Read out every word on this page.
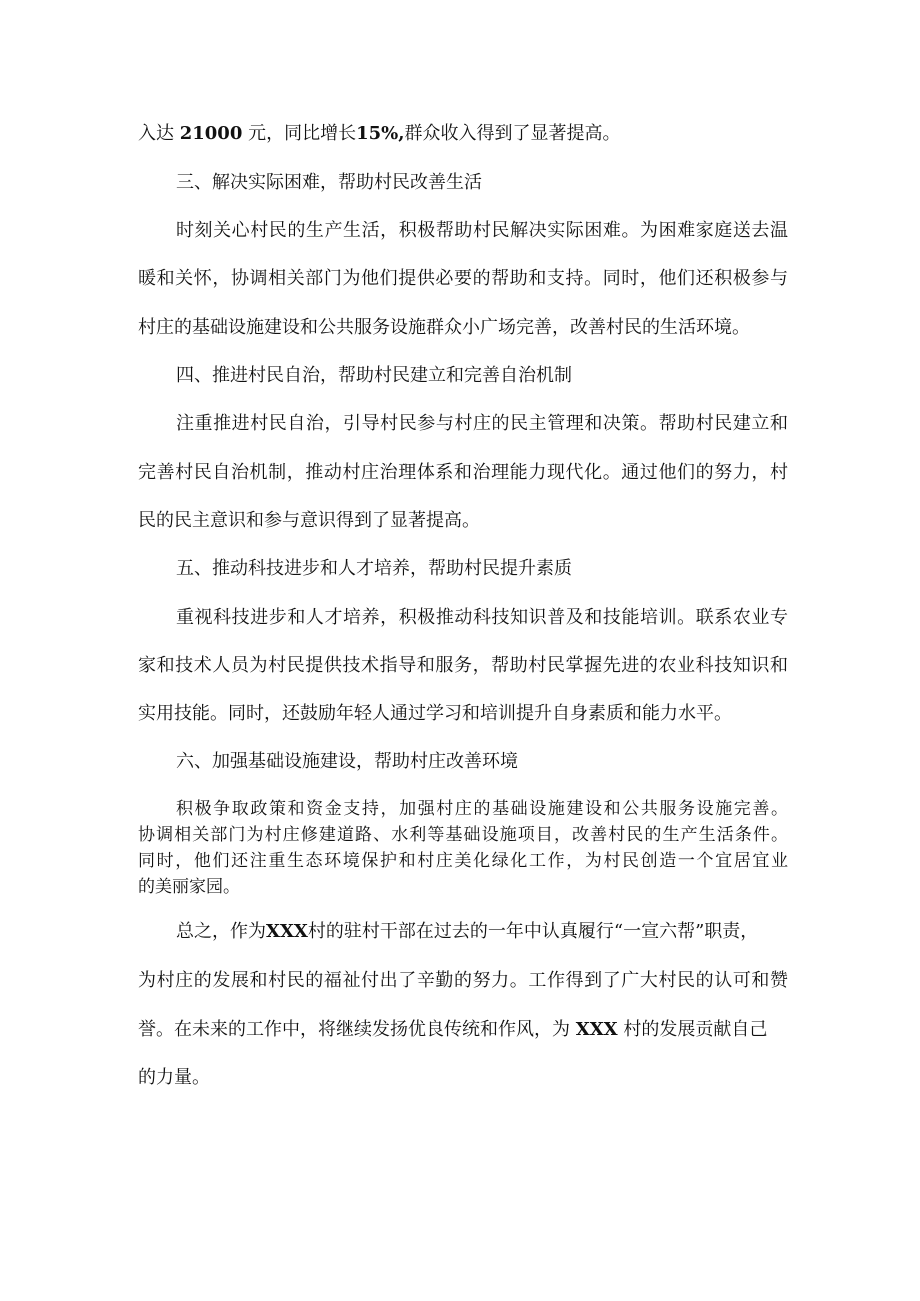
入达 21000 元，同比增长15%,群众收入得到了显著提高。
三、解决实际困难，帮助村民改善生活
时刻关心村民的生产生活，积极帮助村民解决实际困难。为困难家庭送去温
暖和关怀，协调相关部门为他们提供必要的帮助和支持。同时，他们还积极参与
村庄的基础设施建设和公共服务设施群众小广场完善，改善村民的生活环境。
四、推进村民自治，帮助村民建立和完善自治机制
注重推进村民自治，引导村民参与村庄的民主管理和决策。帮助村民建立和
完善村民自治机制，推动村庄治理体系和治理能力现代化。通过他们的努力，村
民的民主意识和参与意识得到了显著提高。
五、推动科技进步和人才培养，帮助村民提升素质
重视科技进步和人才培养，积极推动科技知识普及和技能培训。联系农业专
家和技术人员为村民提供技术指导和服务，帮助村民掌握先进的农业科技知识和
实用技能。同时，还鼓励年轻人通过学习和培训提升自身素质和能力水平。
六、加强基础设施建设，帮助村庄改善环境
积极争取政策和资金支持，加强村庄的基础设施建设和公共服务设施完善。
协调相关部门为村庄修建道路、水利等基础设施项目，改善村民的生产生活条件。
同时，他们还注重生态环境保护和村庄美化绿化工作，为村民创造一个宜居宜业
的美丽家园。
总之，作为XXX村的驻村干部在过去的一年中认真履行“一宣六帮”职责，
为村庄的发展和村民的福祉付出了辛勤的努力。工作得到了广大村民的认可和赞
誉。在未来的工作中，将继续发扬优良传统和作风，为 XXX 村的发展贡献自己
的力量。
